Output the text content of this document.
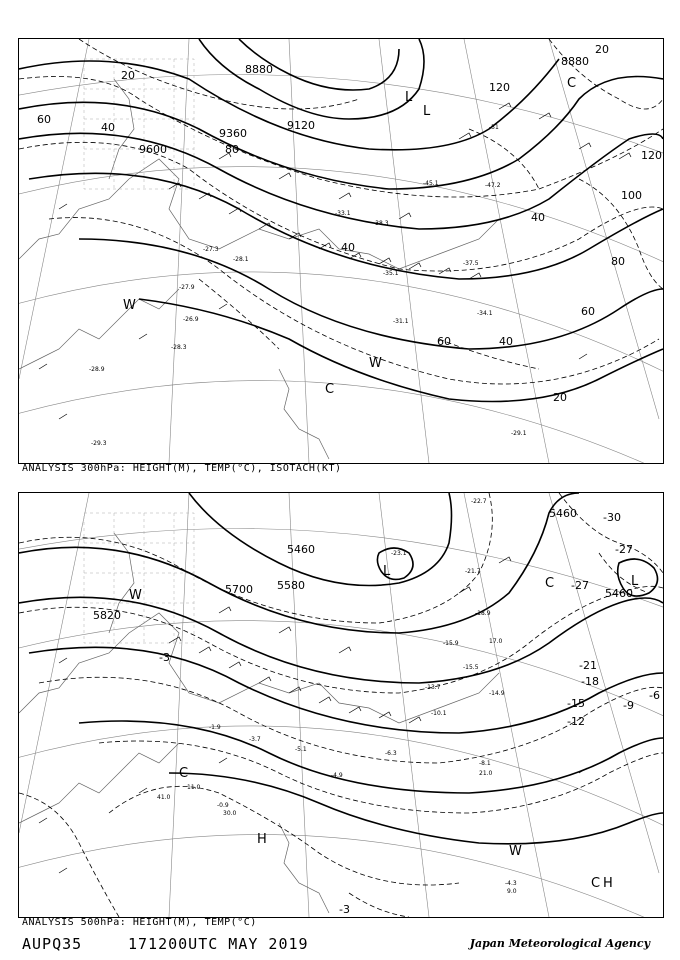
8880
9120
9360
9600
8880
20
40
60
80
120
40
60	40
60
80
100
120
20
40
20
L
L
C
C
W
W
-27.9
-26.9
-28.3
-28.9
-29.3
-31.1
-34.1
-35.1
-38.3
-37.5
-45.1	-47.2
-29.1
-28.1
-27.3
-33.1
-51
ANALYSIS 300hPa: HEIGHT(M), TEMP(°C), ISOTACH(KT)
5460
5580
5700
5820
5460
5460 -30
-27
-27
-21
-18
-15
-12
-9
-6
-3
-3
L
L
C
W
H
H
C
C
W
-22.7
-23.1
-21.7
-18.9
-15.9
-15.5
-13.7
-14.9
-10.1
-8.1
-6.3
-5.1
-4.9
-4.3
-3.7
-1.9
-0.9
17.0
21.0
9.0
41.0
30.0
11.0
ANALYSIS 500hPa: HEIGHT(M), TEMP(°C)
AUPQ35	171200UTC MAY 2019	Japan Meteorological Agency
